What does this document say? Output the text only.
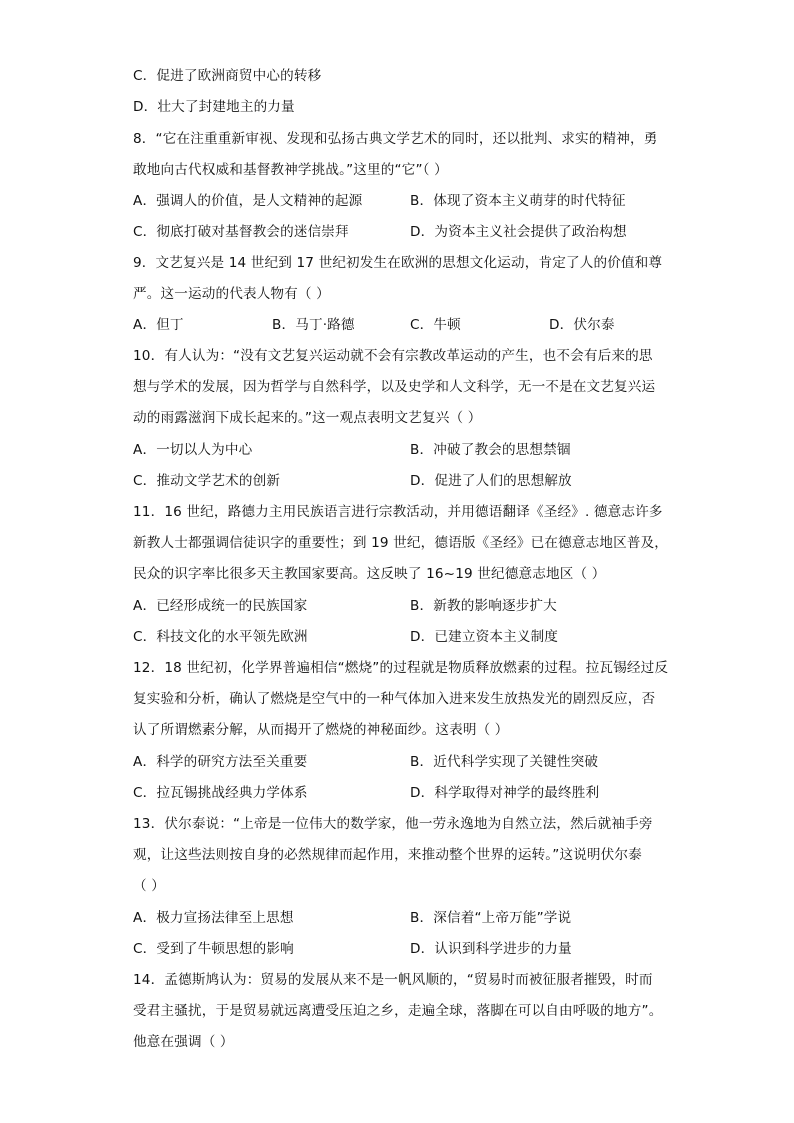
C．促进了欧洲商贸中心的转移
D．壮大了封建地主的力量
8．“它在注重重新审视、发现和弘扬古典文学艺术的同时，还以批判、求实的精神，勇
敢地向古代权威和基督教神学挑战。”这里的“它”（ ）
A．强调人的价值，是人文精神的起源	B．体现了资本主义萌芽的时代特征
C．彻底打破对基督教会的迷信崇拜	D．为资本主义社会提供了政治构想
9．文艺复兴是 14 世纪到 17 世纪初发生在欧洲的思想文化运动，肯定了人的价值和尊
严。这一运动的代表人物有（ ）
A．但丁	B．马丁·路德	C．牛顿	D．伏尔泰
10．有人认为：“没有文艺复兴运动就不会有宗教改革运动的产生，也不会有后来的思
想与学术的发展，因为哲学与自然科学，以及史学和人文科学，无一不是在文艺复兴运
动的雨露滋润下成长起来的。”这一观点表明文艺复兴（ ）
A．一切以人为中心	B．冲破了教会的思想禁锢
C．推动文学艺术的创新	D．促进了人们的思想解放
11．16 世纪，路德力主用民族语言进行宗教活动，并用德语翻译《圣经》. 德意志许多
新教人士都强调信徒识字的重要性；到 19 世纪，德语版《圣经》已在德意志地区普及，
民众的识字率比很多天主教国家要高。这反映了 16~19 世纪德意志地区（ ）
A．已经形成统一的民族国家	B．新教的影响逐步扩大
C．科技文化的水平领先欧洲	D．已建立资本主义制度
12．18 世纪初，化学界普遍相信“燃烧”的过程就是物质释放燃素的过程。拉瓦锡经过反
复实验和分析，确认了燃烧是空气中的一种气体加入进来发生放热发光的剧烈反应，否
认了所谓燃素分解，从而揭开了燃烧的神秘面纱。这表明（ ）
A．科学的研究方法至关重要	B．近代科学实现了关键性突破
C．拉瓦锡挑战经典力学体系	D．科学取得对神学的最终胜利
13．伏尔泰说：“上帝是一位伟大的数学家，他一劳永逸地为自然立法，然后就袖手旁
观，让这些法则按自身的必然规律而起作用，来推动整个世界的运转。”这说明伏尔泰
（ ）
A．极力宣扬法律至上思想	B．深信着“上帝万能”学说
C．受到了牛顿思想的影响	D．认识到科学进步的力量
14．孟德斯鸠认为：贸易的发展从来不是一帆风顺的，“贸易时而被征服者摧毁，时而
受君主骚扰，于是贸易就远离遭受压迫之乡，走遍全球，落脚在可以自由呼吸的地方”。
他意在强调（ ）
